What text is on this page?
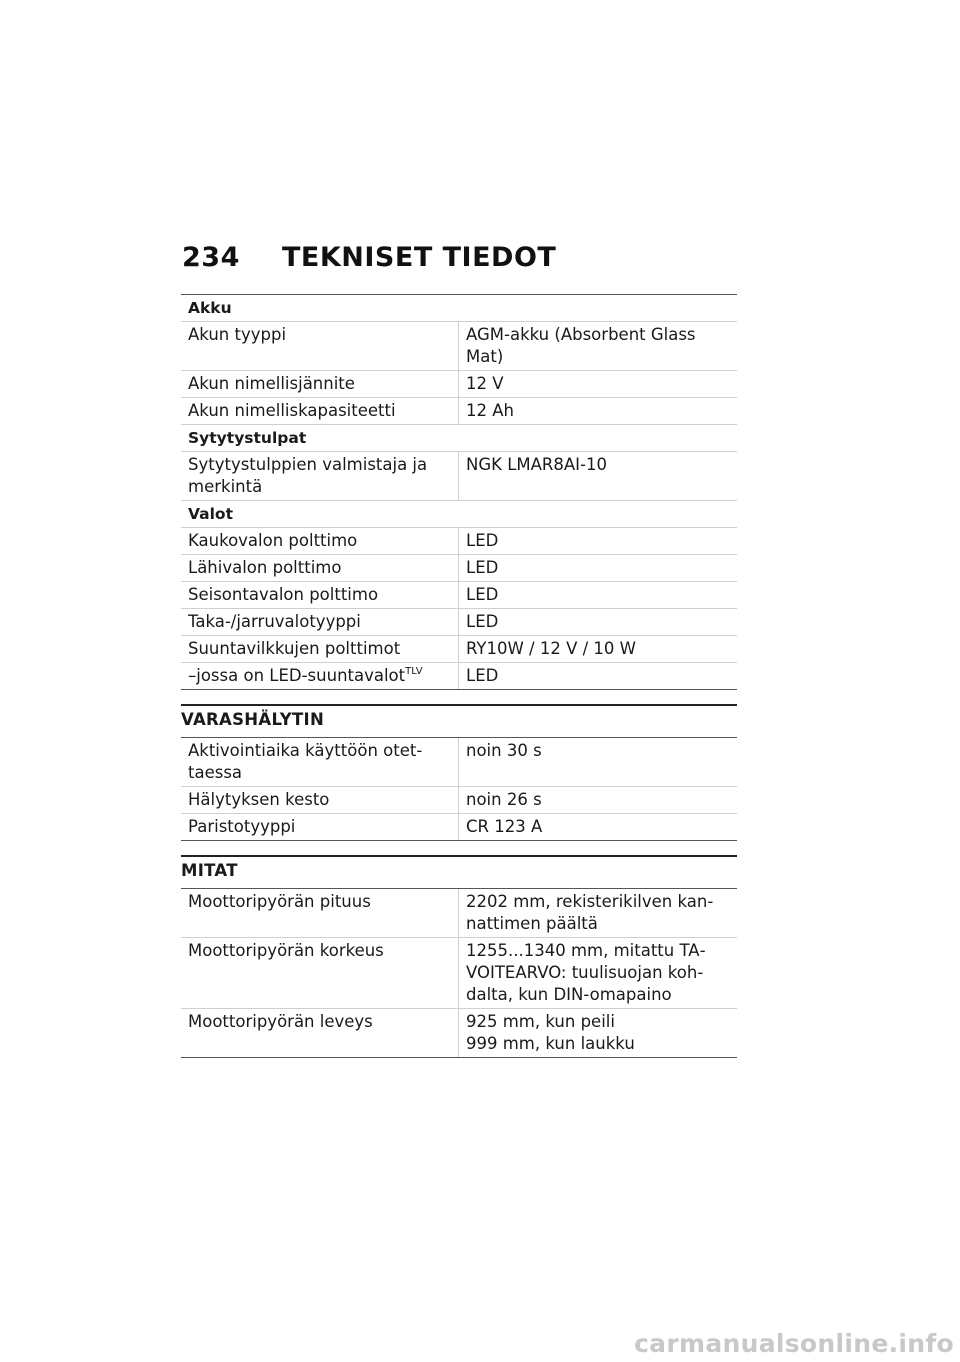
234	TEKNISET TIEDOT
Akku	
Akun tyyppi	AGM-akku (Absorbent Glass Mat)
Akun nimellisjännite	12 V
Akun nimelliskapasiteetti	12 Ah
Sytytystulpat	
Sytytystulppien valmistaja ja merkintä	NGK LMAR8AI-10
Valot	
Kaukovalon polttimo	LED
Lähivalon polttimo	LED
Seisontavalon polttimo	LED
Taka-/jarruvalotyyppi	LED
Suuntavilkkujen polttimot	RY10W / 12 V / 10 W
–jossa on LED-suuntavalot$^{TLV}$	LED
VARASHÄLYTIN
Aktivointiaika käyttöön otettaessa	noin 30 s
Hälytyksen kesto	noin 26 s
Paristotyyppi	CR 123 A
MITAT
Moottoripyörän pituus	2202 mm, rekisterikilven kannattimen päältä
Moottoripyörän korkeus	1255...1340 mm, mitattu TAVOITEARVO: tuulisuojan kohdalta, kun DIN-omapaino
Moottoripyörän leveys	925 mm, kun peili
999 mm, kun laukku
carmanualsonline.info
